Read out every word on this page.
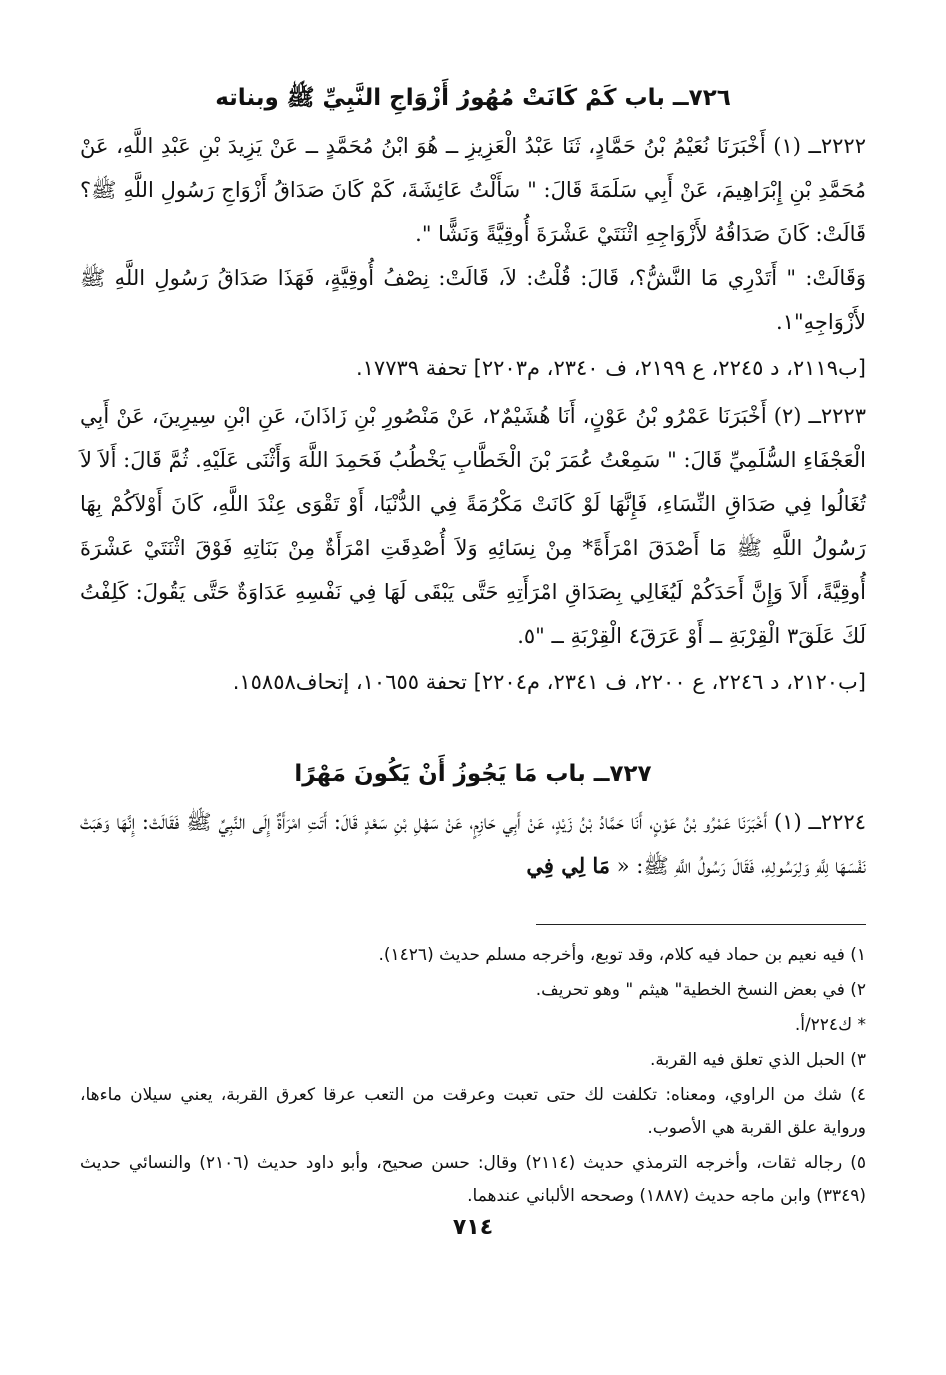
٧٢٦ــ باب كَمْ كَانَتْ مُهُورُ أَزْوَاجِ النَّبِيِّ ﷺ وبناته

٢٢٢٢ــ (١) أَخْبَرَنَا نُعَيْمُ بْنُ حَمَّادٍ، ثَنَا عَبْدُ الْعَزِيزِ ــ هُوَ ابْنُ مُحَمَّدٍ ــ عَنْ يَزِيدَ بْنِ عَبْدِ اللَّهِ، عَنْ مُحَمَّدِ بْنِ إِبْرَاهِيمَ، عَنْ أَبِي سَلَمَةَ قَالَ: " سَأَلْتُ عَائِشَةَ، كَمْ كَانَ صَدَاقُ أَزْوَاجِ رَسُولِ اللَّهِ ﷺ؟ قَالَتْ: كَانَ صَدَاقُهُ لأَزْوَاجِهِ اثْنَتَيْ عَشْرَةَ أُوقِيَّةً وَنَشًّا ".

وَقَالَتْ: " أَتَدْرِي مَا النَّشُّ؟، قَالَ: قُلْتُ: لاَ، قَالَتْ: نِصْفُ أُوقِيَّةٍ، فَهَذَا صَدَاقُ رَسُولِ اللَّهِ ﷺ لأَزْوَاجِهِ"١.

[ب٢١١٩، د ٢٢٤٥، ع ٢١٩٩، ف ٢٣٤٠، م٢٢٠٣] تحفة ١٧٧٣٩.

٢٢٢٣ــ (٢) أَخْبَرَنَا عَمْرُو بْنُ عَوْنٍ، أَنَا هُشَيْمٌ٢، عَنْ مَنْصُورِ بْنِ زَاذَانَ، عَنِ ابْنِ سِيرِينَ، عَنْ أَبِي الْعَجْفَاءِ السُّلَمِيِّ قَالَ: " سَمِعْتُ عُمَرَ بْنَ الْخَطَّابِ يَخْطُبُ فَحَمِدَ اللَّهَ وَأَثْنَى عَلَيْهِ. ثُمَّ قَالَ: أَلاَ لاَ تُغَالُوا فِي صَدَاقِ النِّسَاءِ، فَإِنَّهَا لَوْ كَانَتْ مَكْرُمَةً فِي الدُّنْيَا، أَوْ تَقْوَى عِنْدَ اللَّهِ، كَانَ أَوْلاَكُمْ بِهَا رَسُولُ اللَّهِ ﷺ مَا أَصْدَقَ امْرَأَةً* مِنْ نِسَائِهِ وَلاَ أُصْدِقَتِ امْرَأَةٌ مِنْ بَنَاتِهِ فَوْقَ اثْنَتَيْ عَشْرَةَ أُوقِيَّةً، أَلاَ وَإِنَّ أَحَدَكُمْ لَيُغَالِي بِصَدَاقِ امْرَأَتِهِ حَتَّى يَبْقَى لَهَا فِي نَفْسِهِ عَدَاوَةٌ حَتَّى يَقُولَ: كَلِفْتُ لَكَ عَلَقَ٣ الْقِرْبَةِ ــ أَوْ عَرَقَ٤ الْقِرْبَةِ ــ "٥.

[ب٢١٢٠، د ٢٢٤٦، ع ٢٢٠٠، ف ٢٣٤١، م٢٢٠٤] تحفة ١٠٦٥٥، إتحاف١٥٨٥٨.

٧٢٧ــ باب مَا يَجُوزُ أَنْ يَكُونَ مَهْرًا

٢٢٢٤ــ (١) أَخْبَرَنَا عَمْرُو بْنُ عَوْنٍ، أَنَا حَمَّادُ بْنُ زَيْدٍ، عَنْ أَبِي حَازِمٍ، عَنْ سَهْلِ بْنِ سَعْدٍ قَالَ: أَتَتِ امْرَأَةٌ إِلَى النَّبِيِّ ﷺ فَقَالَتْ: إِنَّهَا وَهَبَتْ نَفْسَهَا لِلَّهِ وَلِرَسُولِهِ، فَقَالَ رَسُولُ اللَّهِ ﷺ: « مَا لِي فِي

١) فيه نعيم بن حماد فيه كلام، وقد توبع، وأخرجه مسلم حديث (١٤٢٦).

٢) في بعض النسخ الخطية" هيثم " وهو تحريف.

* ك٢٢٤/أ.

٣) الحبل الذي تعلق فيه القربة.

٤) شك من الراوي، ومعناه: تكلفت لك حتى تعبت وعرقت من التعب عرقا كعرق القربة، يعني سيلان ماءها، ورواية علق القربة هي الأصوب.

٥) رجاله ثقات، وأخرجه الترمذي حديث (٢١١٤) وقال: حسن صحيح، وأبو داود حديث (٢١٠٦) والنسائي حديث (٣٣٤٩) وابن ماجه حديث (١٨٨٧) وصححه الألباني عندهما.

٧١٤
